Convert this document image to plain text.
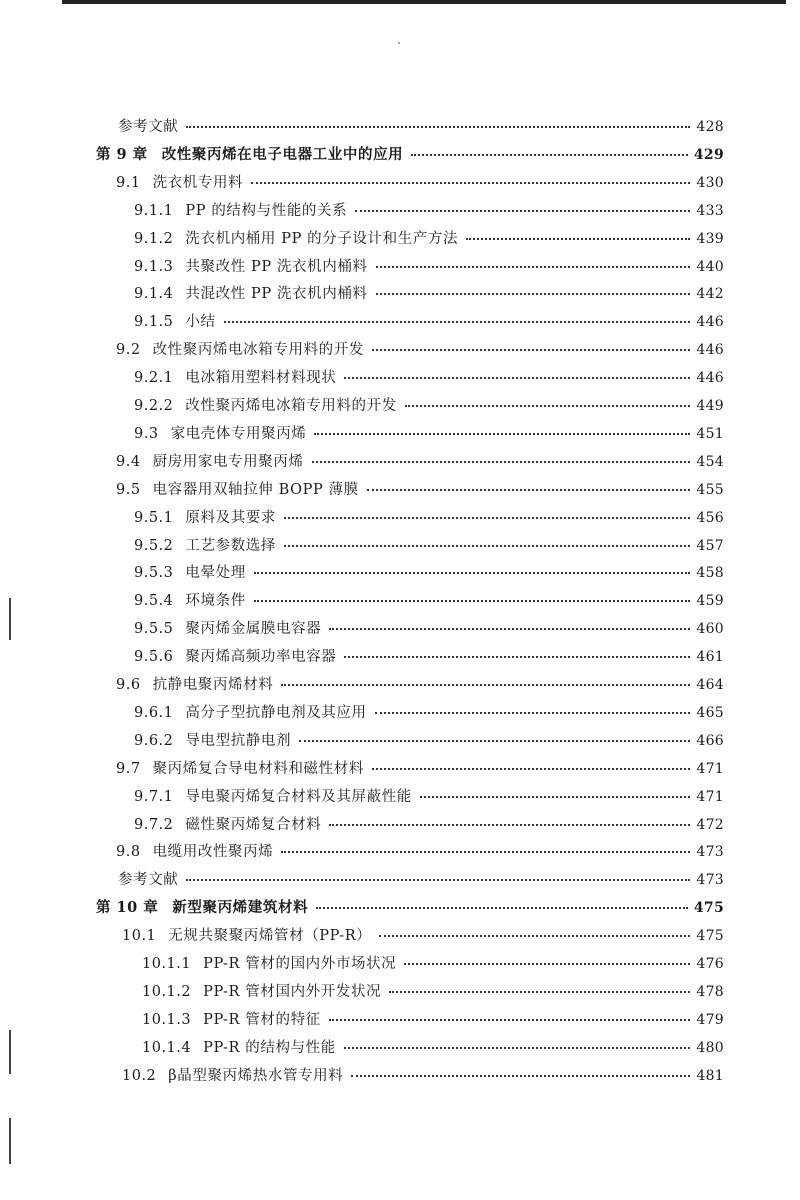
参考文献	428
第 9 章 改性聚丙烯在电子电器工业中的应用	429
9.1 洗衣机专用料	430
9.1.1 PP 的结构与性能的关系	433
9.1.2 洗衣机内桶用 PP 的分子设计和生产方法	439
9.1.3 共聚改性 PP 洗衣机内桶料	440
9.1.4 共混改性 PP 洗衣机内桶料	442
9.1.5 小结	446
9.2 改性聚丙烯电冰箱专用料的开发	446
9.2.1 电冰箱用塑料材料现状	446
9.2.2 改性聚丙烯电冰箱专用料的开发	449
9.3 家电壳体专用聚丙烯	451
9.4 厨房用家电专用聚丙烯	454
9.5 电容器用双轴拉伸 BOPP 薄膜	455
9.5.1 原料及其要求	456
9.5.2 工艺参数选择	457
9.5.3 电晕处理	458
9.5.4 环境条件	459
9.5.5 聚丙烯金属膜电容器	460
9.5.6 聚丙烯高频功率电容器	461
9.6 抗静电聚丙烯材料	464
9.6.1 高分子型抗静电剂及其应用	465
9.6.2 导电型抗静电剂	466
9.7 聚丙烯复合导电材料和磁性材料	471
9.7.1 导电聚丙烯复合材料及其屏蔽性能	471
9.7.2 磁性聚丙烯复合材料	472
9.8 电缆用改性聚丙烯	473
参考文献	473
第 10 章 新型聚丙烯建筑材料	475
10.1 无规共聚聚丙烯管材（PP-R）	475
10.1.1 PP-R 管材的国内外市场状况	476
10.1.2 PP-R 管材国内外开发状况	478
10.1.3 PP-R 管材的特征	479
10.1.4 PP-R 的结构与性能	480
10.2 β晶型聚丙烯热水管专用料	481
